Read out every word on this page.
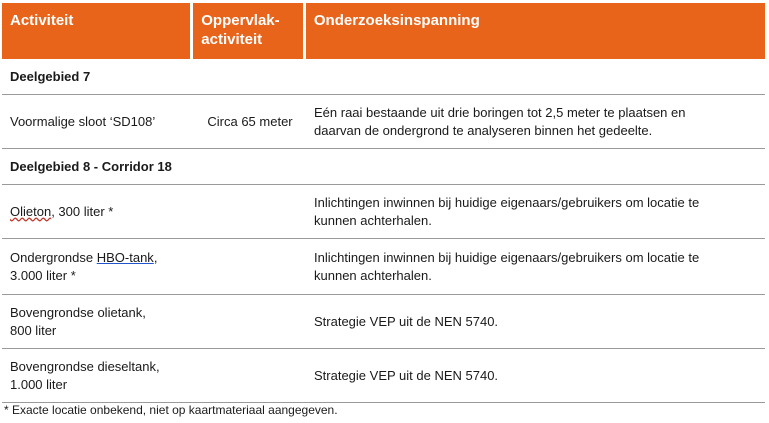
Activiteit	Oppervlak-
activiteit
Onderzoeksinspanning
Deelgebied 7
Voormalige sloot ‘SD108’	Circa 65 meter
Eén raai bestaande uit drie boringen tot 2,5 meter te plaatsen en
daarvan de ondergrond te analyseren binnen het gedeelte.
Deelgebied 8 - Corridor 18
Olieton, 300 liter *
Inlichtingen inwinnen bij huidige eigenaars/gebruikers om locatie te
kunnen achterhalen.
Ondergrondse HBO-tank,
3.000 liter *
Inlichtingen inwinnen bij huidige eigenaars/gebruikers om locatie te
kunnen achterhalen.
Bovengrondse olietank,
800 liter
Strategie VEP uit de NEN 5740.
Bovengrondse dieseltank,
1.000 liter
Strategie VEP uit de NEN 5740.
* Exacte locatie onbekend, niet op kaartmateriaal aangegeven.
